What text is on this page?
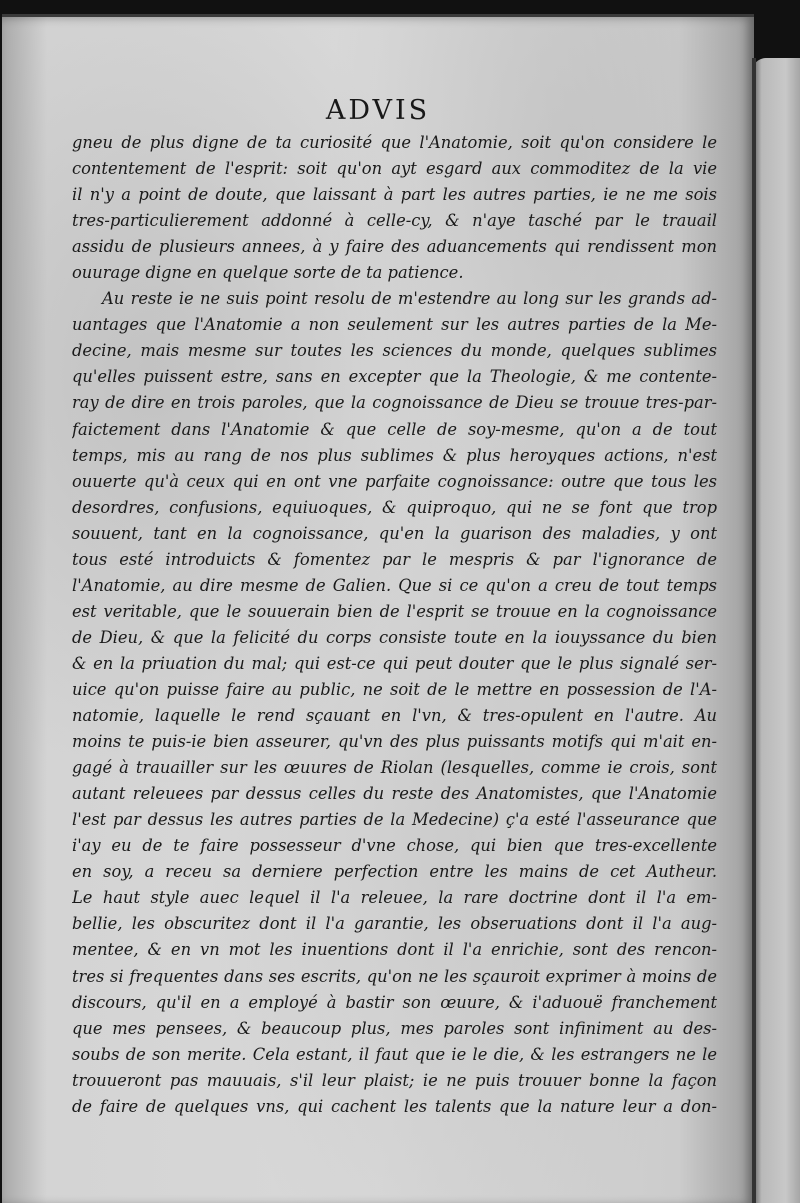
ADVIS
gneu de plus digne de ta curiosité que l'Anatomie, soit qu'on considere le
contentement de l'esprit: soit qu'on ayt esgard aux commoditez de la vie
il n'y a point de doute, que laissant à part les autres parties, ie ne me sois
tres-particulierement addonné à celle-cy, & n'aye tasché par le trauail
assidu de plusieurs annees, à y faire des aduancements qui rendissent mon
ouurage digne en quelque sorte de ta patience.
Au reste ie ne suis point resolu de m'estendre au long sur les grands ad-
uantages que l'Anatomie a non seulement sur les autres parties de la Me-
decine, mais mesme sur toutes les sciences du monde, quelques sublimes
qu'elles puissent estre, sans en excepter que la Theologie, & me contente-
ray de dire en trois paroles, que la cognoissance de Dieu se trouue tres-par-
faictement dans l'Anatomie & que celle de soy-mesme, qu'on a de tout
temps, mis au rang de nos plus sublimes & plus heroyques actions, n'est
ouuerte qu'à ceux qui en ont vne parfaite cognoissance: outre que tous les
desordres, confusions, equiuoques, & quiproquo, qui ne se font que trop
souuent, tant en la cognoissance, qu'en la guarison des maladies, y ont
tous esté introduicts & fomentez par le mespris & par l'ignorance de
l'Anatomie, au dire mesme de Galien. Que si ce qu'on a creu de tout temps
est veritable, que le souuerain bien de l'esprit se trouue en la cognoissance
de Dieu, & que la felicité du corps consiste toute en la iouyssance du bien
& en la priuation du mal; qui est-ce qui peut douter que le plus signalé ser-
uice qu'on puisse faire au public, ne soit de le mettre en possession de l'A-
natomie, laquelle le rend sçauant en l'vn, & tres-opulent en l'autre. Au
moins te puis-ie bien asseurer, qu'vn des plus puissants motifs qui m'ait en-
gagé à trauailler sur les œuures de Riolan (lesquelles, comme ie crois, sont
autant releuees par dessus celles du reste des Anatomistes, que l'Anatomie
l'est par dessus les autres parties de la Medecine) ç'a esté l'asseurance que
i'ay eu de te faire possesseur d'vne chose, qui bien que tres-excellente
en soy, a receu sa derniere perfection entre les mains de cet Autheur.
Le haut style auec lequel il l'a releuee, la rare doctrine dont il l'a em-
bellie, les obscuritez dont il l'a garantie, les obseruations dont il l'a aug-
mentee, & en vn mot les inuentions dont il l'a enrichie, sont des rencon-
tres si frequentes dans ses escrits, qu'on ne les sçauroit exprimer à moins de
discours, qu'il en a employé à bastir son œuure, & i'aduouë franchement
que mes pensees, & beaucoup plus, mes paroles sont infiniment au des-
soubs de son merite. Cela estant, il faut que ie le die, & les estrangers ne le
trouueront pas mauuais, s'il leur plaist; ie ne puis trouuer bonne la façon
de faire de quelques vns, qui cachent les talents que la nature leur a don-
